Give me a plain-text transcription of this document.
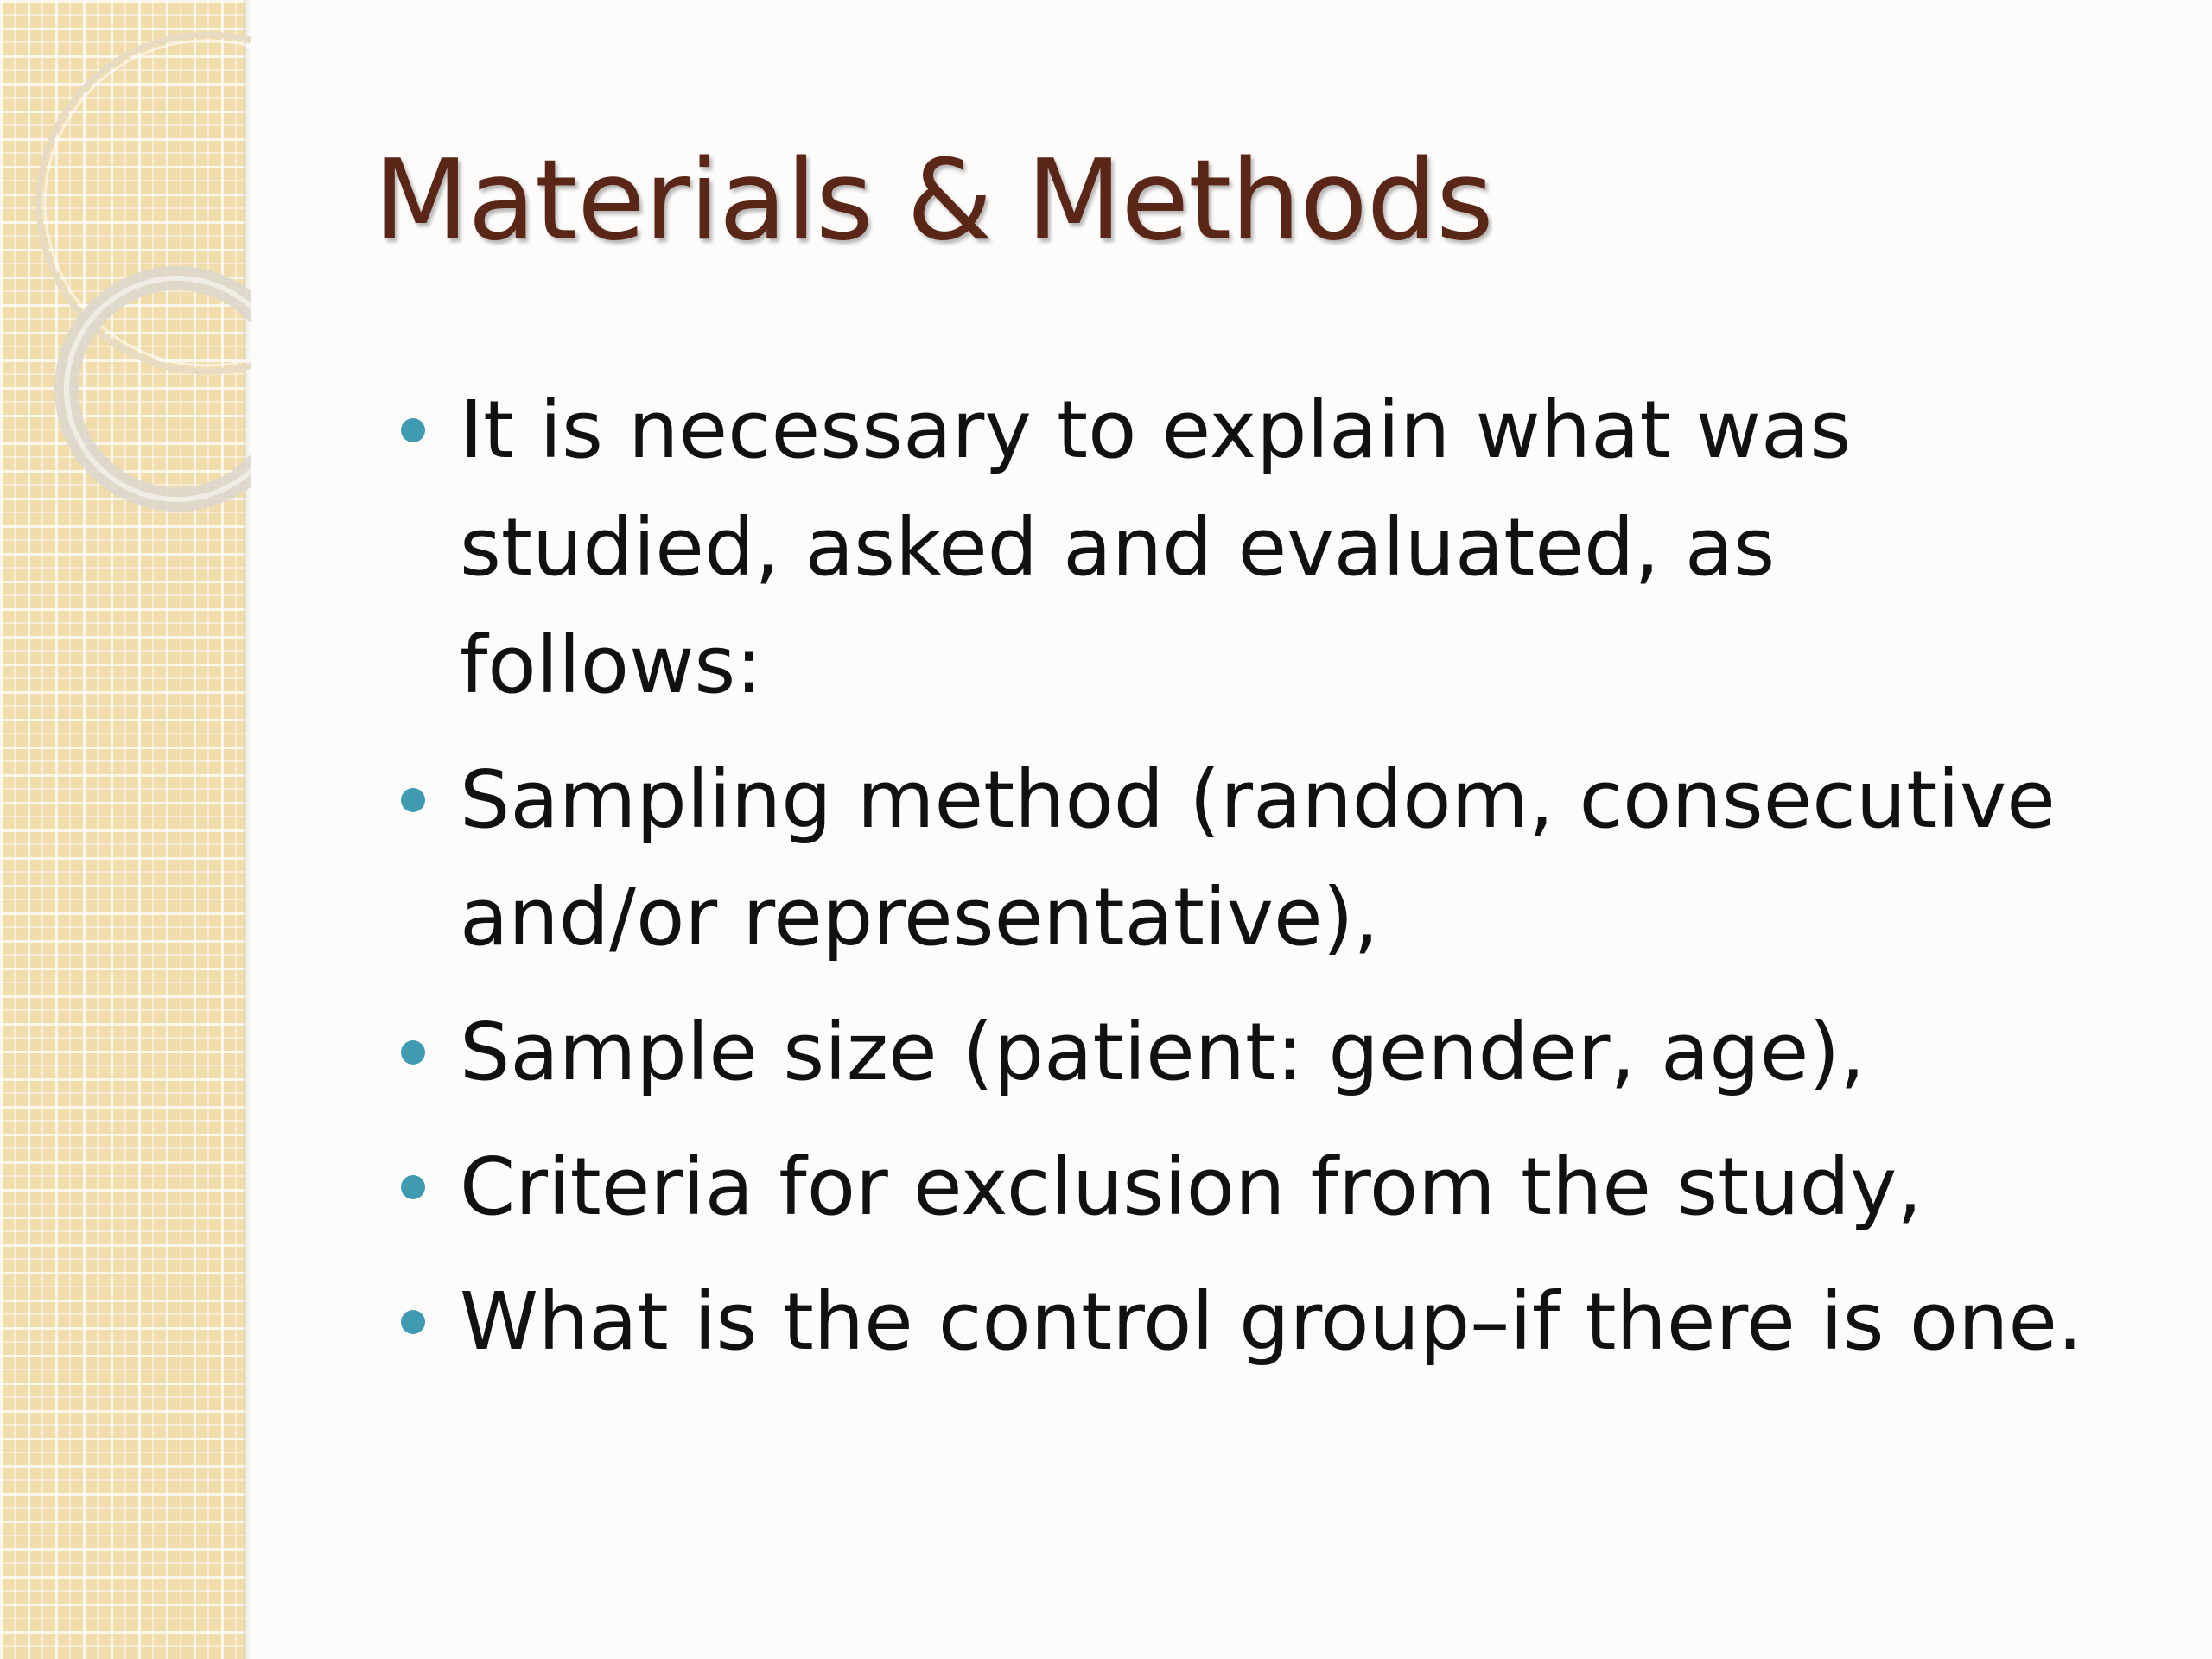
Materials & Methods
It is necessary to explain what was studied, asked and evaluated, as follows:
Sampling method (random, consecutive and/or representative),
Sample size (patient: gender, age),
Criteria for exclusion from the study,
What is the control group–if there is one.
